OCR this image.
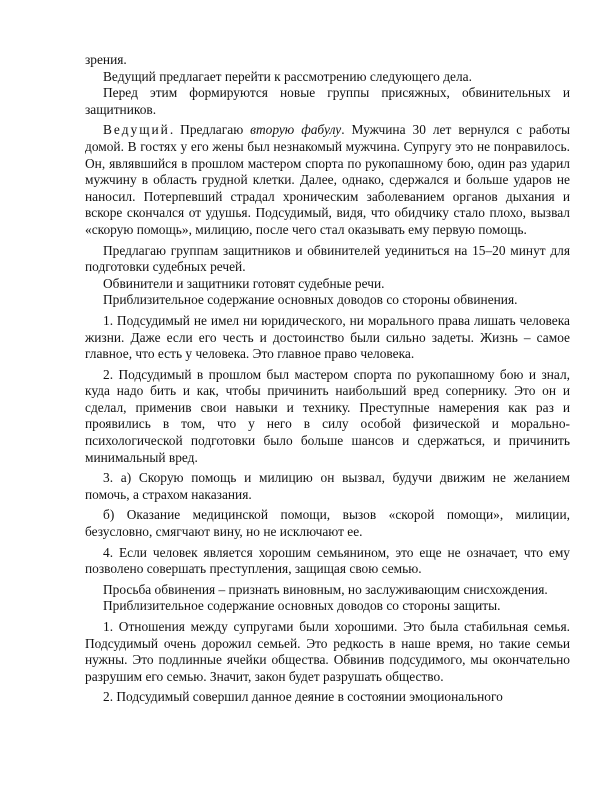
зрения.

Ведущий предлагает перейти к рассмотрению следующего дела.

Перед этим формируются новые группы присяжных, обвинительных и защитников.

Ведущий. Предлагаю вторую фабулу. Мужчина 30 лет вернулся с работы домой. В гостях у его жены был незнакомый мужчина. Супругу это не понравилось. Он, являвшийся в прошлом мастером спорта по рукопашному бою, один раз ударил мужчину в область грудной клетки. Далее, однако, сдержался и больше ударов не наносил. Потерпевший страдал хроническим заболеванием органов дыхания и вскоре скончался от удушья. Подсудимый, видя, что обидчику стало плохо, вызвал «скорую помощь», милицию, после чего стал оказывать ему первую помощь.

Предлагаю группам защитников и обвинителей уединиться на 15–20 минут для подготовки судебных речей.

Обвинители и защитники готовят судебные речи.

Приблизительное содержание основных доводов со стороны обвинения.

1. Подсудимый не имел ни юридического, ни морального права лишать человека жизни. Даже если его честь и достоинство были сильно задеты. Жизнь – самое главное, что есть у человека. Это главное право человека.

2. Подсудимый в прошлом был мастером спорта по рукопашному бою и знал, куда надо бить и как, чтобы причинить наибольший вред сопернику. Это он и сделал, применив свои навыки и технику. Преступные намерения как раз и проявились в том, что у него в силу особой физической и морально-психологической подготовки было больше шансов и сдержаться, и причинить минимальный вред.

3. а) Скорую помощь и милицию он вызвал, будучи движим не желанием помочь, а страхом наказания.

б) Оказание медицинской помощи, вызов «скорой помощи», милиции, безусловно, смягчают вину, но не исключают ее.

4. Если человек является хорошим семьянином, это еще не означает, что ему позволено совершать преступления, защищая свою семью.

Просьба обвинения – признать виновным, но заслуживающим снисхождения.

Приблизительное содержание основных доводов со стороны защиты.

1. Отношения между супругами были хорошими. Это была стабильная семья. Подсудимый очень дорожил семьей. Это редкость в наше время, но такие семьи нужны. Это подлинные ячейки общества. Обвинив подсудимого, мы окончательно разрушим его семью. Значит, закон будет разрушать общество.

2. Подсудимый совершил данное деяние в состоянии эмоционального
